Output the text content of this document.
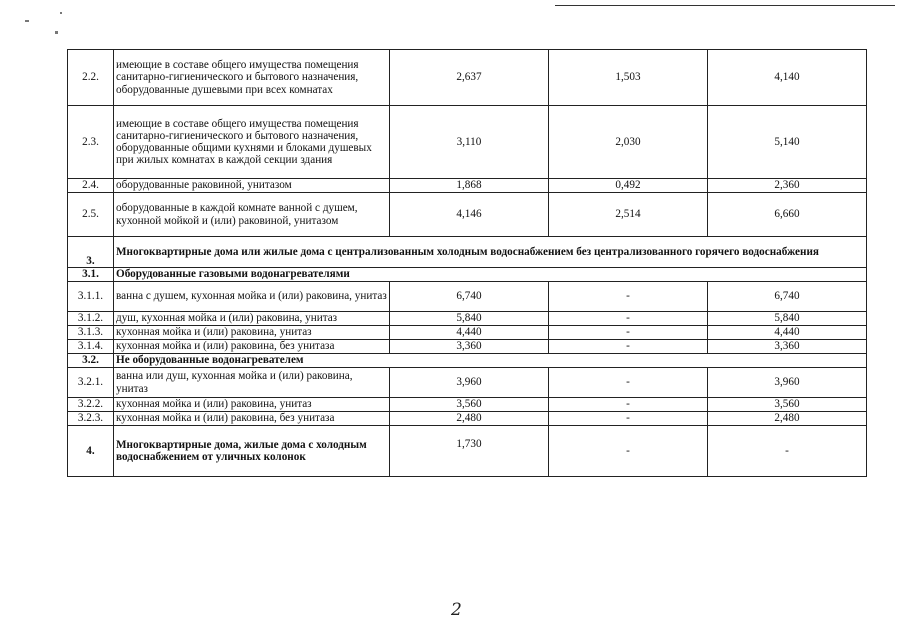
2.2.	имеющие в составе общего имущества помещения санитарно-гигиенического и бытового назначения, оборудованные душевыми при всех комнатах	2,637	1,503	4,140
2.3.	имеющие в составе общего имущества помещения санитарно-гигиенического и бытового назначения, оборудованные общими кухнями и блоками душевых при жилых комнатах в каждой секции здания	3,110	2,030	5,140
2.4.	оборудованные раковиной, унитазом	1,868	0,492	2,360
2.5.	оборудованные в каждой комнате ванной с душем, кухонной мойкой и (или) раковиной, унитазом	4,146	2,514	6,660
3.	Многоквартирные дома или жилые дома с централизованным холодным водоснабжением без централизованного горячего водоснабжения			
3.1.	Оборудованные газовыми водонагревателями			
3.1.1.	ванна с душем, кухонная мойка и (или) раковина, унитаз	6,740	-	6,740
3.1.2.	душ, кухонная мойка и (или) раковина, унитаз	5,840	-	5,840
3.1.3.	кухонная мойка и (или) раковина, унитаз	4,440	-	4,440
3.1.4.	кухонная мойка и (или) раковина, без унитаза	3,360	-	3,360
3.2.	Не оборудованные водонагревателем			
3.2.1.	ванна или душ, кухонная мойка и (или) раковина, унитаз	3,960	-	3,960
3.2.2.	кухонная мойка и (или) раковина, унитаз	3,560	-	3,560
3.2.3.	кухонная мойка и (или) раковина, без унитаза	2,480	-	2,480
4.	Многоквартирные дома, жилые дома с холодным водоснабжением от уличных колонок	1,730	-	-
2
